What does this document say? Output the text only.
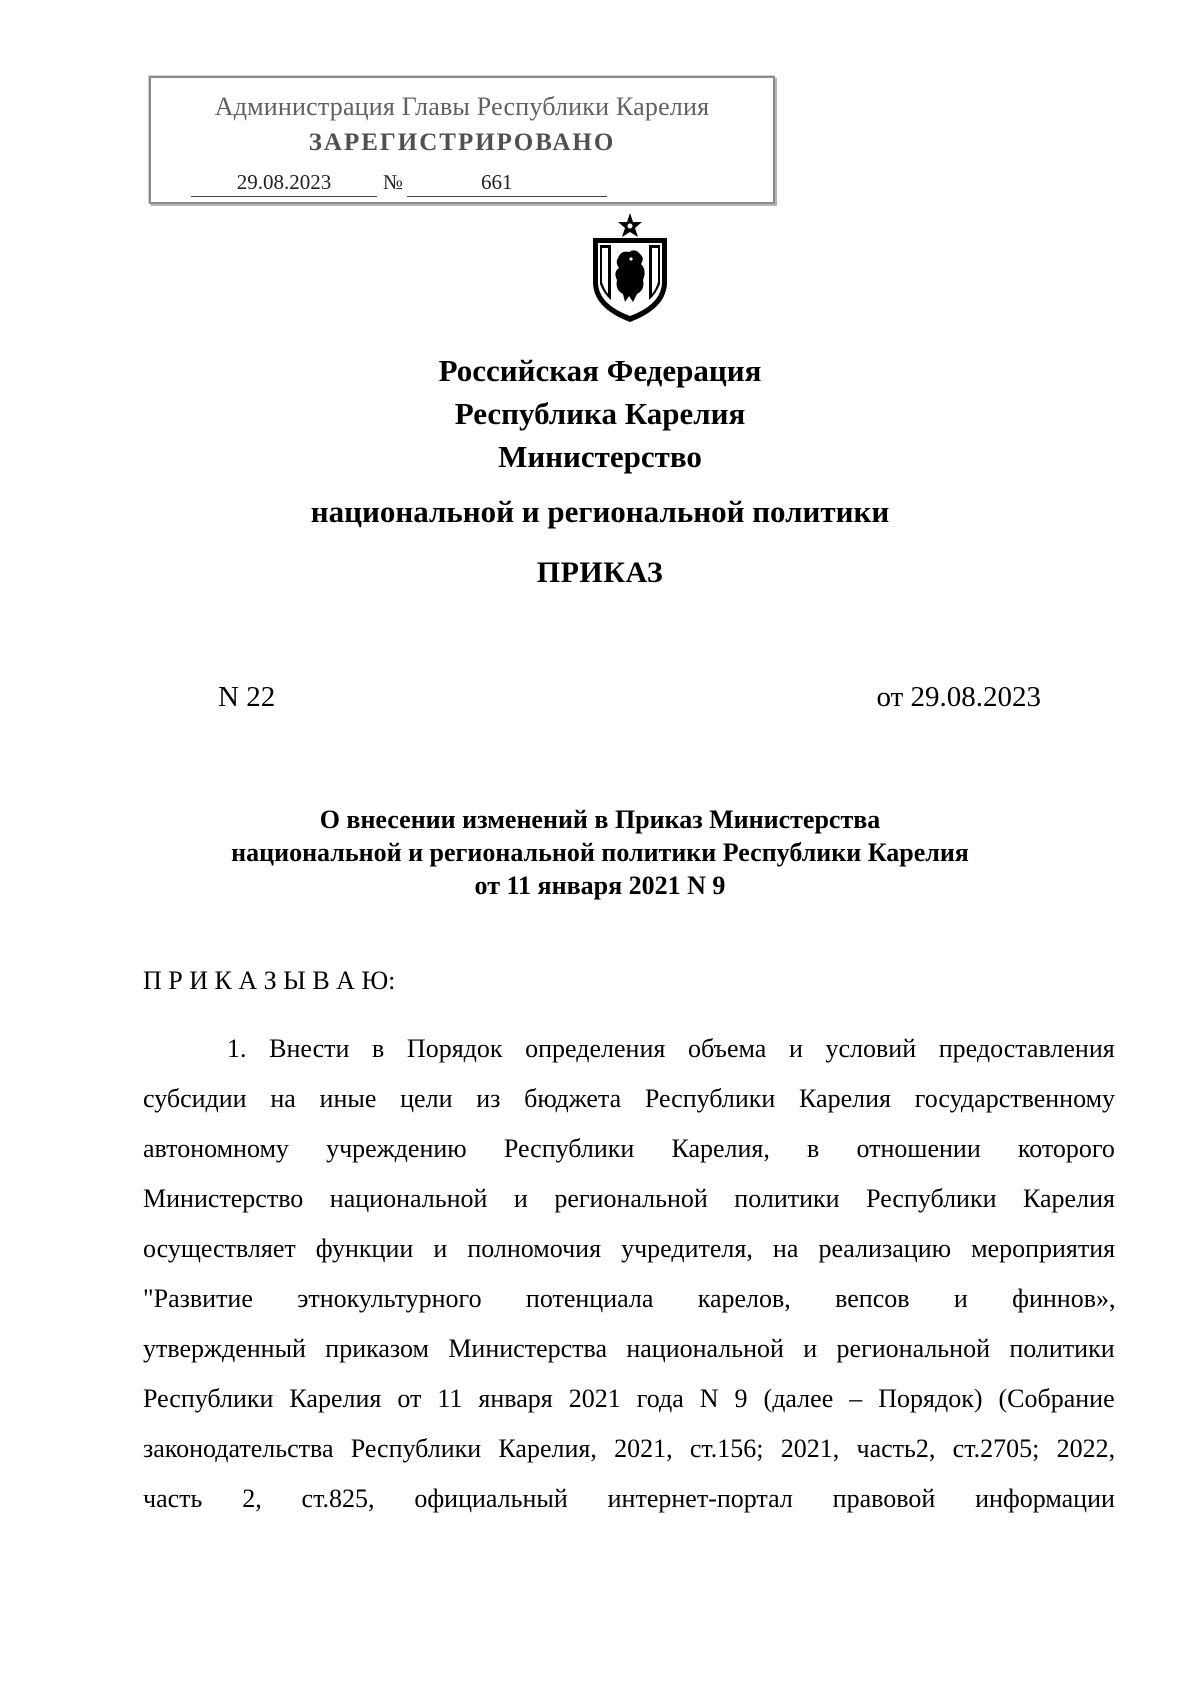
Администрация Главы Республики Карелия
ЗАРЕГИСТРИРОВАНО
29.08.2023	№	661
Российская Федерация
Республика Карелия
Министерство
национальной и региональной политики
ПРИКАЗ
N 22	от 29.08.2023
О внесении изменений в Приказ Министерства
национальной и региональной политики Республики Карелия
от 11 января 2021 N 9
П Р И К А З Ы В А Ю:
1. Внести в Порядок определения объема и условий предоставления
субсидии на иные цели из бюджета Республики Карелия государственному
автономному учреждению Республики Карелия, в отношении которого
Министерство национальной и региональной политики Республики Карелия
осуществляет функции и полномочия учредителя, на реализацию мероприятия
"Развитие этнокультурного потенциала карелов, вепсов и финнов»,
утвержденный приказом Министерства национальной и региональной политики
Республики Карелия от 11 января 2021 года N 9 (далее – Порядок) (Собрание
законодательства Республики Карелия, 2021, ст.156; 2021, часть2, ст.2705; 2022,
часть 2, ст.825, официальный интернет-портал правовой информации
